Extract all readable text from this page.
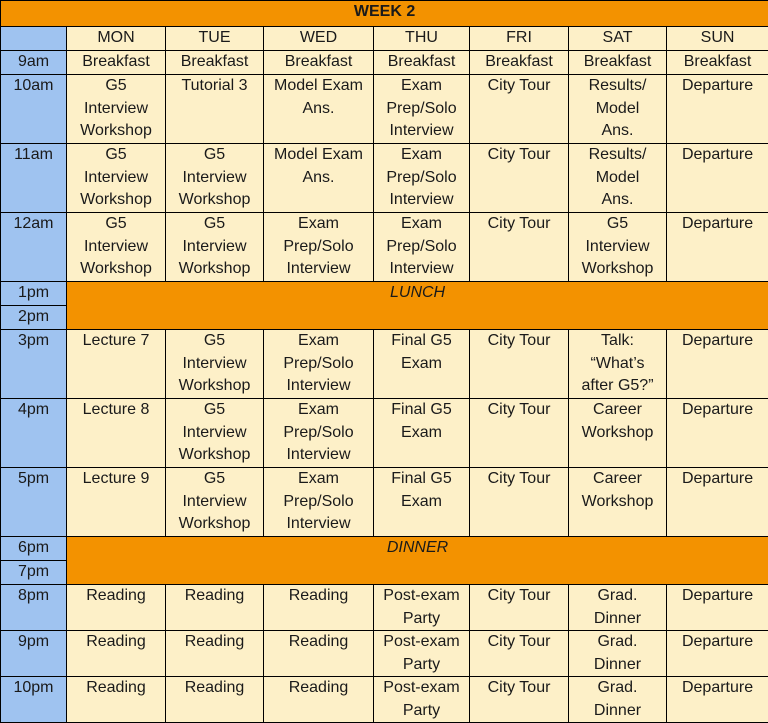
WEEK 2							
	MON	TUE	WED	THU	FRI	SAT	SUN
9am	Breakfast	Breakfast	Breakfast	Breakfast	Breakfast	Breakfast	Breakfast
10am	G5
Interview
Workshop	Tutorial 3	Model Exam
Ans.	Exam
Prep/Solo
Interview	City Tour	Results/
Model
Ans.	Departure
11am	G5
Interview
Workshop	G5
Interview
Workshop	Model Exam
Ans.	Exam
Prep/Solo
Interview	City Tour	Results/
Model
Ans.	Departure
12am	G5
Interview
Workshop	G5
Interview
Workshop	Exam
Prep/Solo
Interview	Exam
Prep/Solo
Interview	City Tour	G5
Interview
Workshop	Departure
1pm	LUNCH						
2pm							
3pm	Lecture 7	G5
Interview
Workshop	Exam
Prep/Solo
Interview	Final G5
Exam	City Tour	Talk:
“What’s
after G5?”	Departure
4pm	Lecture 8	G5
Interview
Workshop	Exam
Prep/Solo
Interview	Final G5
Exam	City Tour	Career
Workshop	Departure
5pm	Lecture 9	G5
Interview
Workshop	Exam
Prep/Solo
Interview	Final G5
Exam	City Tour	Career
Workshop	Departure
6pm	DINNER						
7pm							
8pm	Reading	Reading	Reading	Post-exam
Party	City Tour	Grad.
Dinner	Departure
9pm	Reading	Reading	Reading	Post-exam
Party	City Tour	Grad.
Dinner	Departure
10pm	Reading	Reading	Reading	Post-exam
Party	City Tour	Grad.
Dinner	Departure
